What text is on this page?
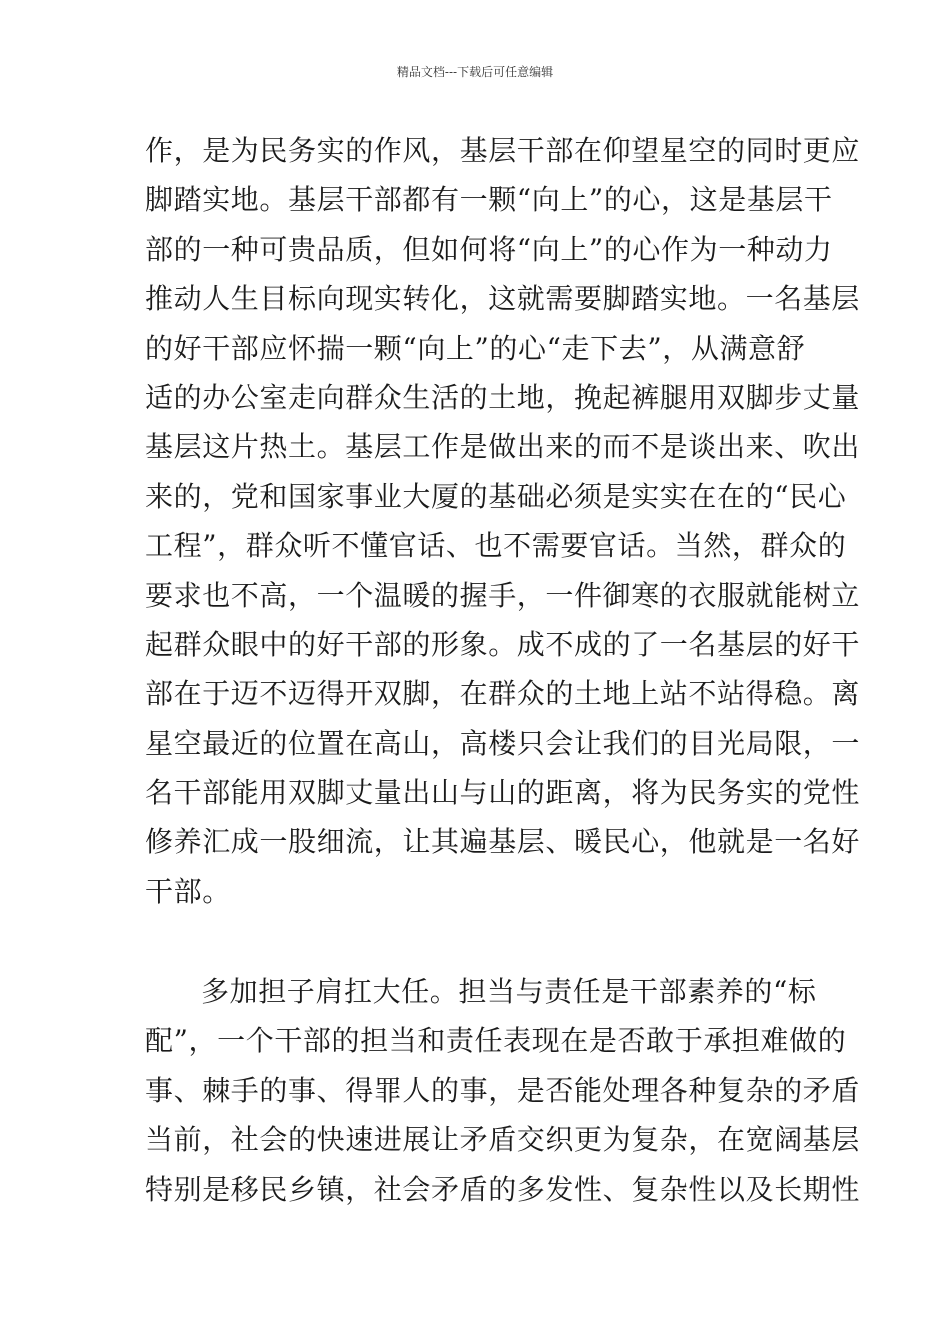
精品文档---下载后可任意编辑
作，是为民务实的作风，基层干部在仰望星空的同时更应
脚踏实地。基层干部都有一颗“向上”的心，这是基层干
部的一种可贵品质，但如何将“向上”的心作为一种动力
推动人生目标向现实转化，这就需要脚踏实地。一名基层
的好干部应怀揣一颗“向上”的心“走下去”，从满意舒
适的办公室走向群众生活的土地，挽起裤腿用双脚步丈量
基层这片热土。基层工作是做出来的而不是谈出来、吹出
来的，党和国家事业大厦的基础必须是实实在在的“民心
工程”，群众听不懂官话、也不需要官话。当然，群众的
要求也不高，一个温暖的握手，一件御寒的衣服就能树立
起群众眼中的好干部的形象。成不成的了一名基层的好干
部在于迈不迈得开双脚，在群众的土地上站不站得稳。离
星空最近的位置在高山，高楼只会让我们的目光局限，一
名干部能用双脚丈量出山与山的距离，将为民务实的党性
修养汇成一股细流，让其遍基层、暖民心，他就是一名好
干部。
多加担子肩扛大任。担当与责任是干部素养的“标
配”，一个干部的担当和责任表现在是否敢于承担难做的
事、棘手的事、得罪人的事，是否能处理各种复杂的矛盾
当前，社会的快速进展让矛盾交织更为复杂，在宽阔基层
特别是移民乡镇，社会矛盾的多发性、复杂性以及长期性
